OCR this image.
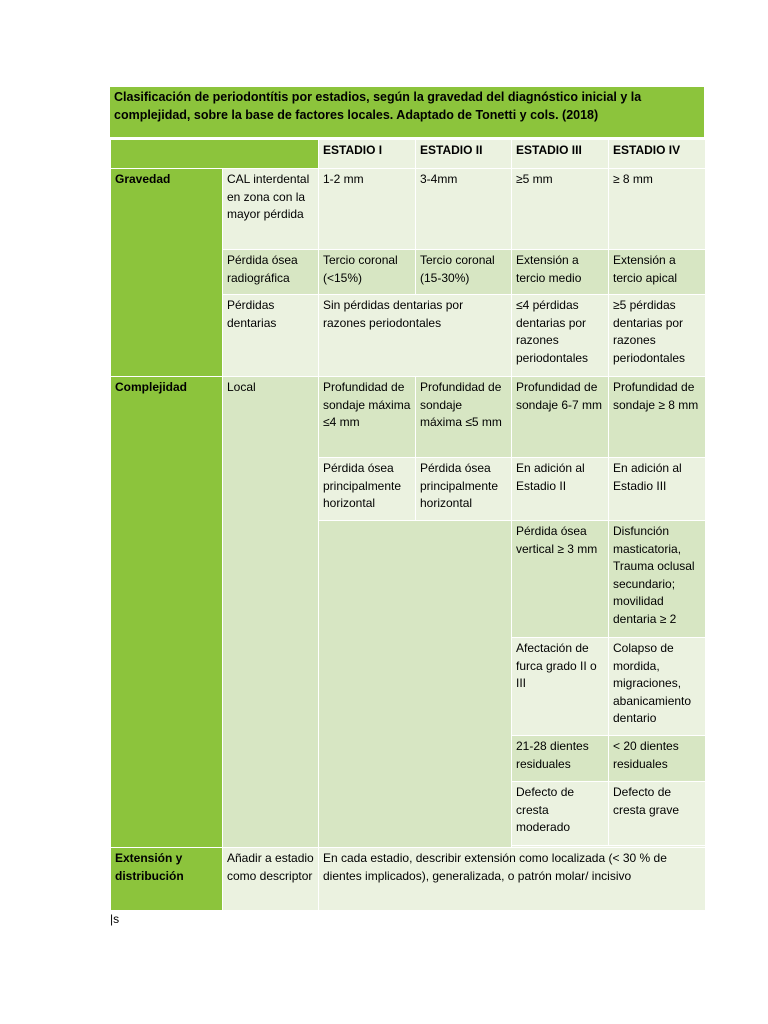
Clasificación de periodontítis por estadios, según la gravedad del diagnóstico inicial y la complejidad, sobre la base de factores locales. Adaptado de Tonetti y cols. (2018)
		ESTADIO I	ESTADIO II	ESTADIO III	ESTADIO IV
Gravedad	CAL interdental en zona con la mayor pérdida	1-2 mm	3-4mm	≥5 mm	≥ 8 mm
	Pérdida ósea radiográfica	Tercio coronal (<15%)	Tercio coronal (15-30%)	Extensión a tercio medio	Extensión a tercio apical
	Pérdidas dentarias	Sin pérdidas dentarias por razones periodontales		≤4 pérdidas dentarias por razones periodontales	≥5 pérdidas dentarias por razones periodontales
Complejidad	Local	Profundidad de sondaje máxima ≤4 mm	Profundidad de sondaje máxima ≤5 mm	Profundidad de sondaje 6-7 mm	Profundidad de sondaje ≥ 8 mm
		Pérdida ósea principalmente horizontal	Pérdida ósea principalmente horizontal	En adición al Estadio II	En adición al Estadio III
				Pérdida ósea vertical ≥ 3 mm	Disfunción masticatoria, Trauma oclusal secundario; movilidad dentaria ≥ 2
				Afectación de furca grado II o III	Colapso de mordida, migraciones, abanicamiento dentario
				21-28 dientes residuales	< 20 dientes residuales
				Defecto de cresta moderado	Defecto de cresta grave

Extensión y distribución	Añadir a estadio como descriptor	En cada estadio, describir extensión como localizada (< 30 % de dientes implicados), generalizada, o patrón molar/ incisivo			
|s
